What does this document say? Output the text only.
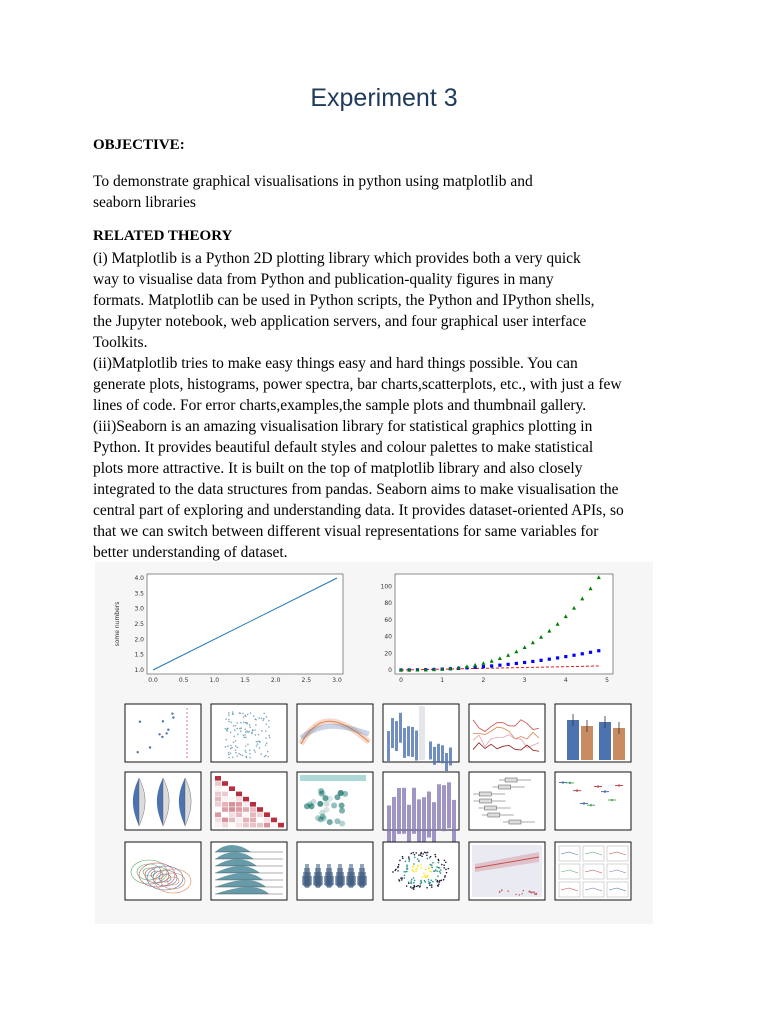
Experiment 3
OBJECTIVE:
To demonstrate graphical visualisations in python using matplotlib and
seaborn libraries
RELATED THEORY
(i) Matplotlib is a Python 2D plotting library which provides both a very quick
way to visualise data from Python and publication-quality figures in many
formats. Matplotlib can be used in Python scripts, the Python and IPython shells,
the Jupyter notebook, web application servers, and four graphical user interface
Toolkits.
(ii)Matplotlib tries to make easy things easy and hard things possible. You can
generate plots, histograms, power spectra, bar charts,scatterplots, etc., with just a few
lines of code. For error charts,examples,the sample plots and thumbnail gallery.
(iii)Seaborn is an amazing visualisation library for statistical graphics plotting in
Python. It provides beautiful default styles and colour palettes to make statistical
plots more attractive. It is built on the top of matplotlib library and also closely
integrated to the data structures from pandas. Seaborn aims to make visualisation the
central part of exploring and understanding data. It provides dataset-oriented APIs, so
that we can switch between different visual representations for same variables for
better understanding of dataset.
0.0	0.5	1.0	1.5	2.0	2.5	3.0
1.0
1.5
2.0
2.5
3.0
3.5
4.0
some numbers
0	1	2	3	4	5
0
20
40
60
80
100
